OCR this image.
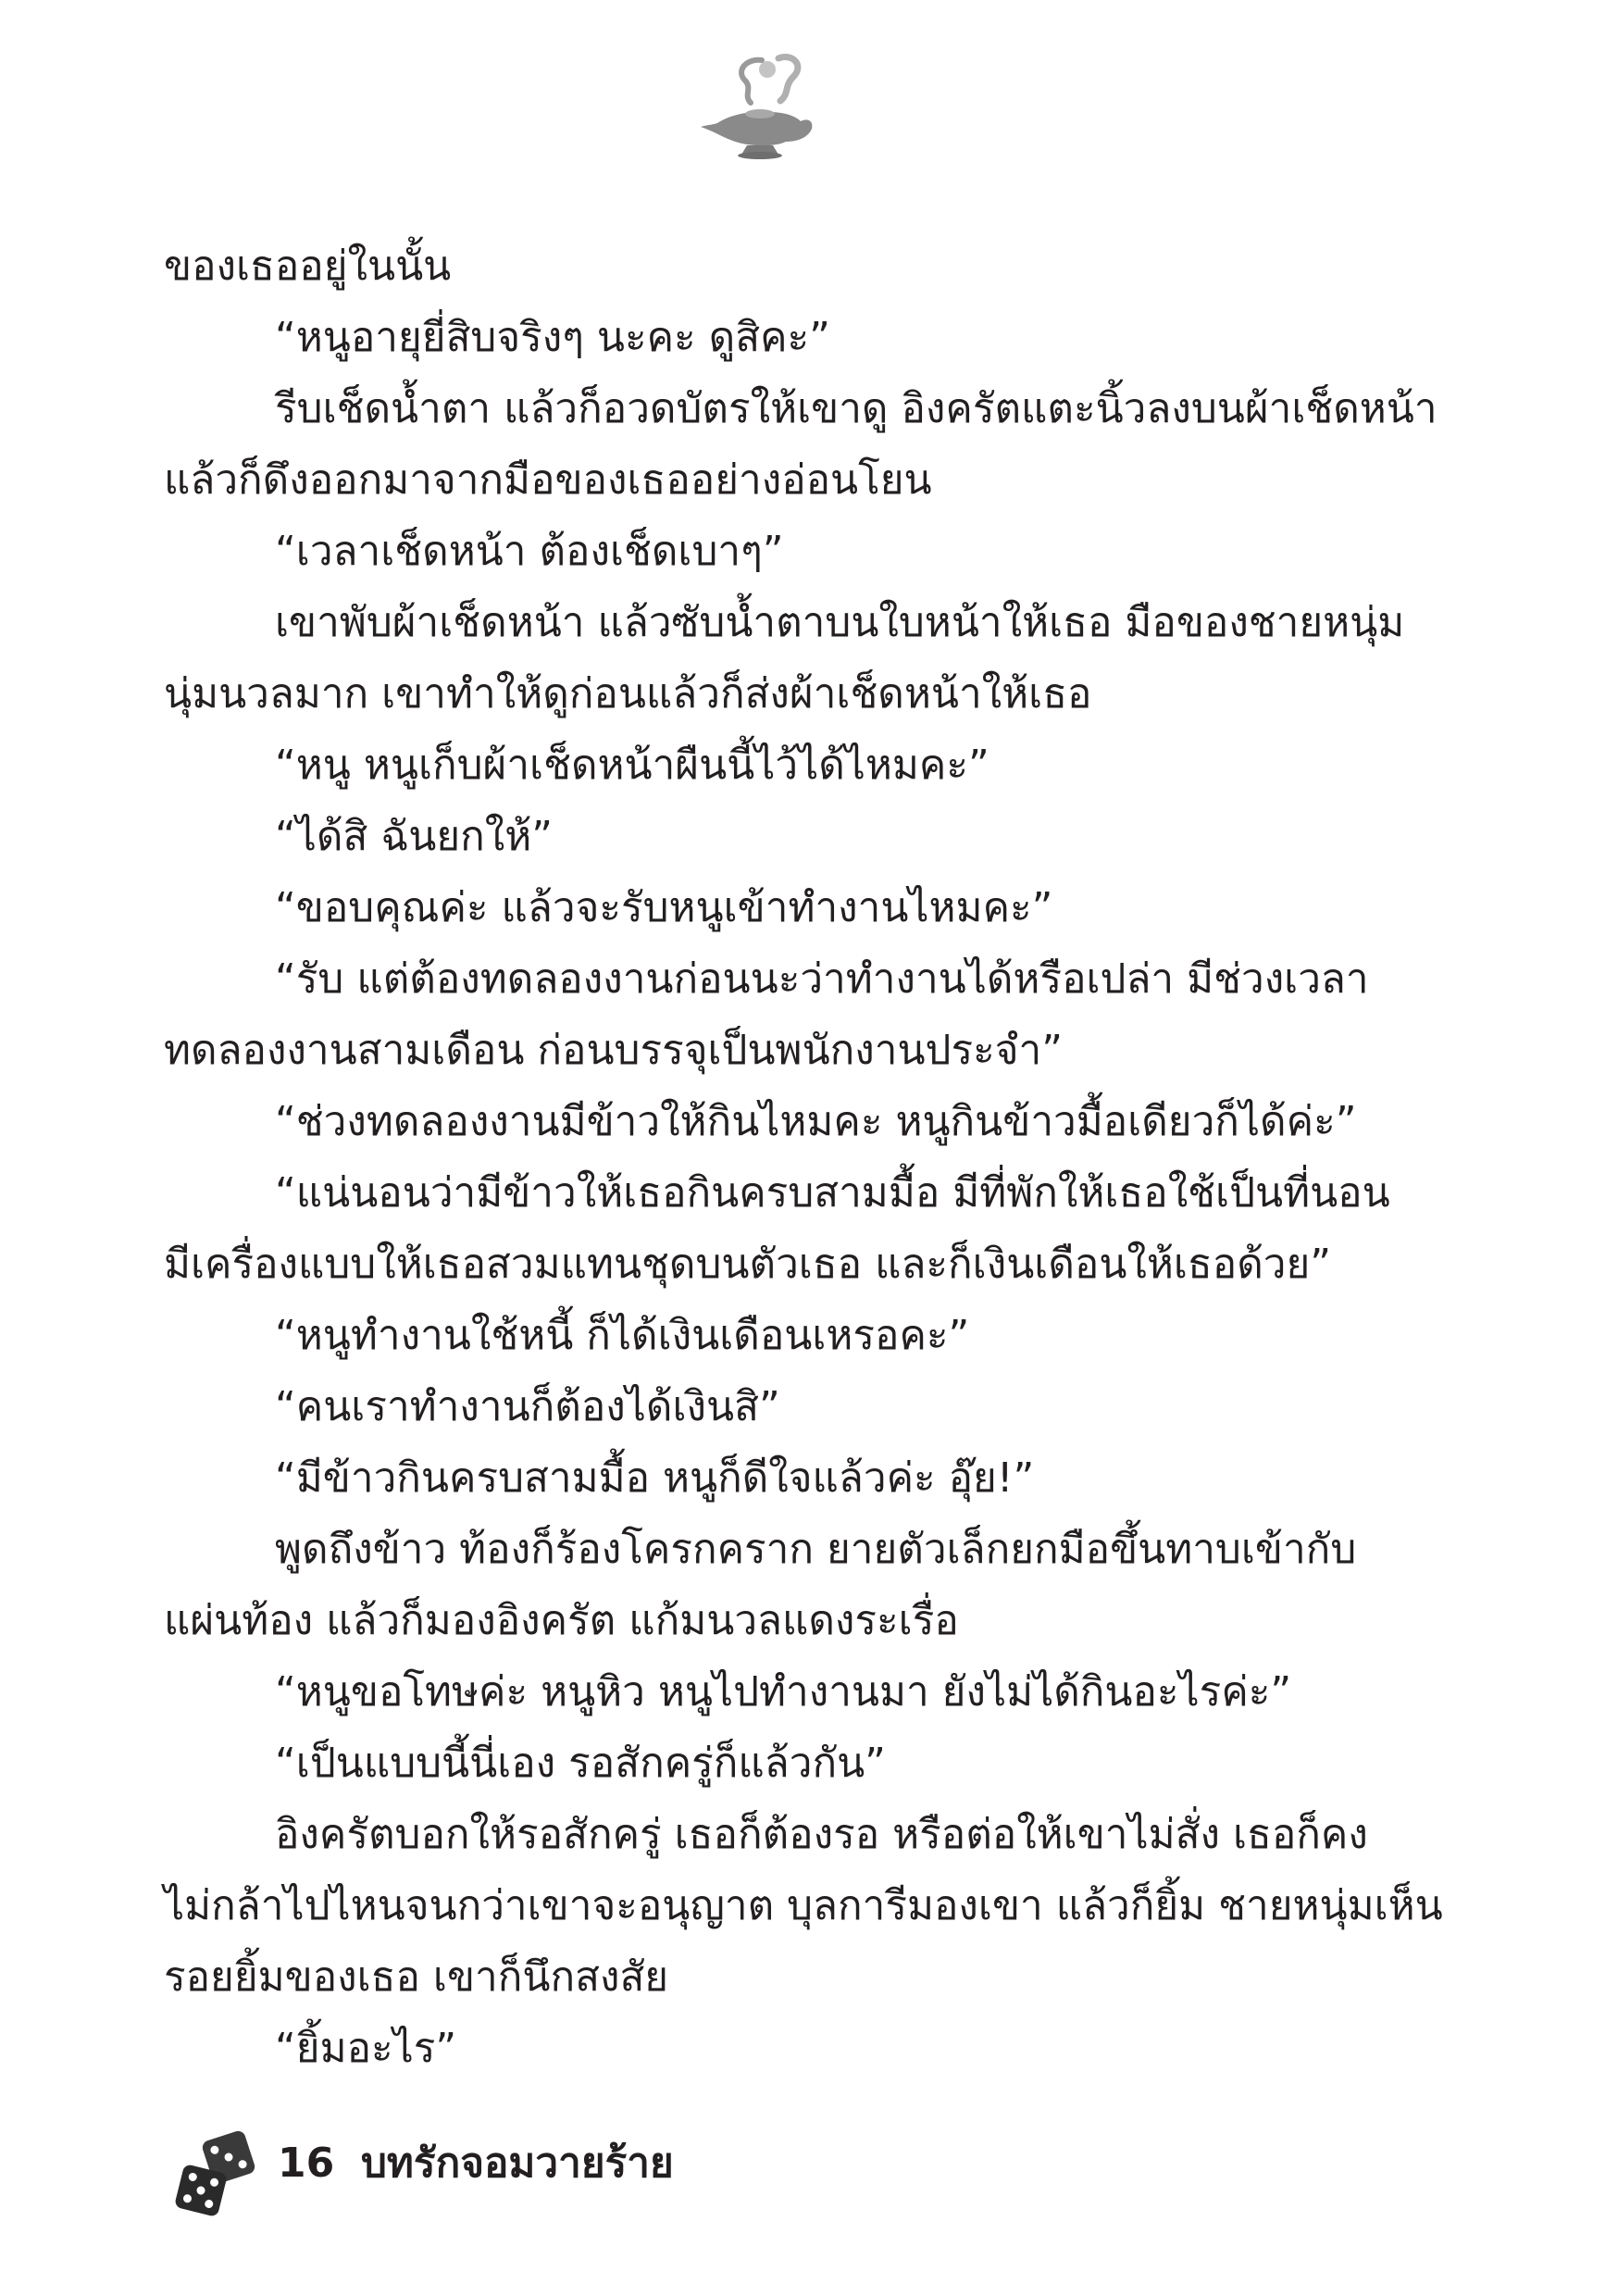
ของเธออยู่ในนั้น
“หนูอายุยี่สิบจริงๆ นะคะ ดูสิคะ”
รีบเช็ดน้ำตา แล้วก็อวดบัตรให้เขาดู อิงครัตแตะนิ้วลงบนผ้าเช็ดหน้า
แล้วก็ดึงออกมาจากมือของเธออย่างอ่อนโยน
“เวลาเช็ดหน้า ต้องเช็ดเบาๆ”
เขาพับผ้าเช็ดหน้า แล้วซับน้ำตาบนใบหน้าให้เธอ มือของชายหนุ่ม
นุ่มนวลมาก เขาทำให้ดูก่อนแล้วก็ส่งผ้าเช็ดหน้าให้เธอ
“หนู หนูเก็บผ้าเช็ดหน้าผืนนี้ไว้ได้ไหมคะ”
“ได้สิ ฉันยกให้”
“ขอบคุณค่ะ แล้วจะรับหนูเข้าทำงานไหมคะ”
“รับ แต่ต้องทดลองงานก่อนนะว่าทำงานได้หรือเปล่า มีช่วงเวลา
ทดลองงานสามเดือน ก่อนบรรจุเป็นพนักงานประจำ”
“ช่วงทดลองงานมีข้าวให้กินไหมคะ หนูกินข้าวมื้อเดียวก็ได้ค่ะ”
“แน่นอนว่ามีข้าวให้เธอกินครบสามมื้อ มีที่พักให้เธอใช้เป็นที่นอน
มีเครื่องแบบให้เธอสวมแทนชุดบนตัวเธอ และก็เงินเดือนให้เธอด้วย”
“หนูทำงานใช้หนี้ ก็ได้เงินเดือนเหรอคะ”
“คนเราทำงานก็ต้องได้เงินสิ”
“มีข้าวกินครบสามมื้อ หนูก็ดีใจแล้วค่ะ อุ๊ย!”
พูดถึงข้าว ท้องก็ร้องโครกคราก ยายตัวเล็กยกมือขึ้นทาบเข้ากับ
แผ่นท้อง แล้วก็มองอิงครัต แก้มนวลแดงระเรื่อ
“หนูขอโทษค่ะ หนูหิว หนูไปทำงานมา ยังไม่ได้กินอะไรค่ะ”
“เป็นแบบนี้นี่เอง รอสักครู่ก็แล้วกัน”
อิงครัตบอกให้รอสักครู่ เธอก็ต้องรอ หรือต่อให้เขาไม่สั่ง เธอก็คง
ไม่กล้าไปไหนจนกว่าเขาจะอนุญาต บุลการีมองเขา แล้วก็ยิ้ม ชายหนุ่มเห็น
รอยยิ้มของเธอ เขาก็นึกสงสัย
“ยิ้มอะไร”
16 บทรักจอมวายร้าย
